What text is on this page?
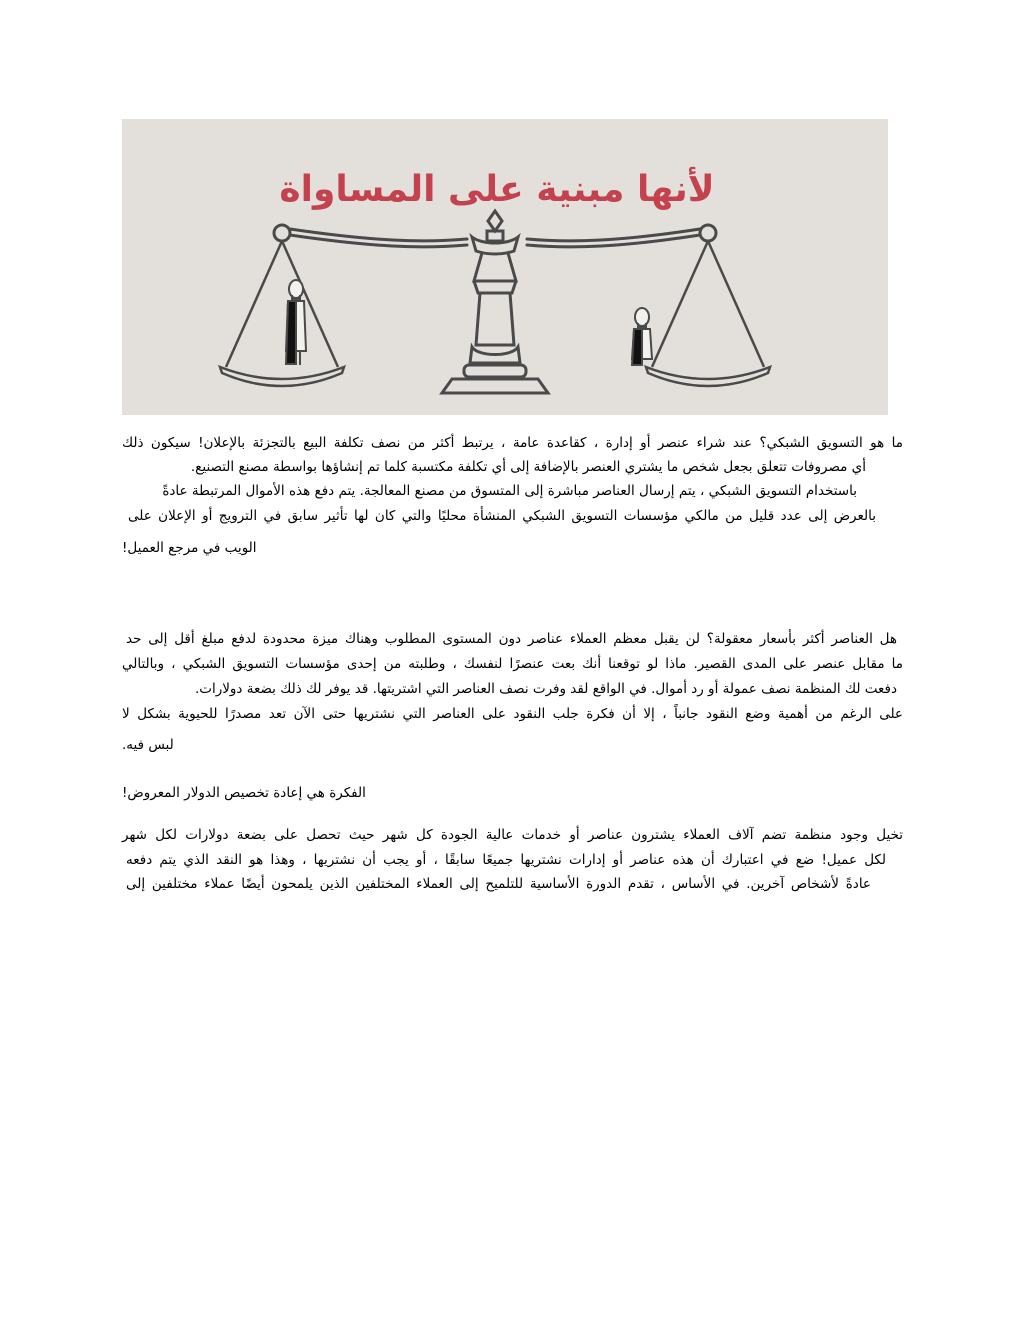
لأنها مبنية على المساواة
ما هو التسويق الشبكي؟ عند شراء عنصر أو إدارة ، كقاعدة عامة ، يرتبط أكثر من نصف تكلفة البيع بالتجزئة بالإعلان! سيكون ذلك
أي مصروفات تتعلق بجعل شخص ما يشتري العنصر بالإضافة إلى أي تكلفة مكتسبة كلما تم إنشاؤها بواسطة مصنع التصنيع.
باستخدام التسويق الشبكي ، يتم إرسال العناصر مباشرة إلى المتسوق من مصنع المعالجة. يتم دفع هذه الأموال المرتبطة عادةً
بالعرض إلى عدد قليل من مالكي مؤسسات التسويق الشبكي المنشأة محليًا والتي كان لها تأثير سابق في الترويج أو الإعلان على
الويب في مرجع العميل!
هل العناصر أكثر بأسعار معقولة؟ لن يقبل معظم العملاء عناصر دون المستوى المطلوب وهناك ميزة محدودة لدفع مبلغ أقل إلى حد
ما مقابل عنصر على المدى القصير. ماذا لو توقعنا أنك بعت عنصرًا لنفسك ، وطلبته من إحدى مؤسسات التسويق الشبكي ، وبالتالي
دفعت لك المنظمة نصف عمولة أو رد أموال. في الواقع لقد وفرت نصف العناصر التي اشتريتها. قد يوفر لك ذلك بضعة دولارات.
على الرغم من أهمية وضع النقود جانباً ، إلا أن فكرة جلب النقود على العناصر التي نشتريها حتى الآن تعد مصدرًا للحيوية بشكل لا
لبس فيه.
الفكرة هي إعادة تخصيص الدولار المعروض!
تخيل وجود منظمة تضم آلاف العملاء يشترون عناصر أو خدمات عالية الجودة كل شهر حيث تحصل على بضعة دولارات لكل شهر
لكل عميل! ضع في اعتبارك أن هذه عناصر أو إدارات نشتريها جميعًا سابقًا ، أو يجب أن نشتريها ، وهذا هو النقد الذي يتم دفعه
عادةً لأشخاص آخرين. في الأساس ، تقدم الدورة الأساسية للتلميح إلى العملاء المختلفين الذين يلمحون أيضًا عملاء مختلفين إلى
